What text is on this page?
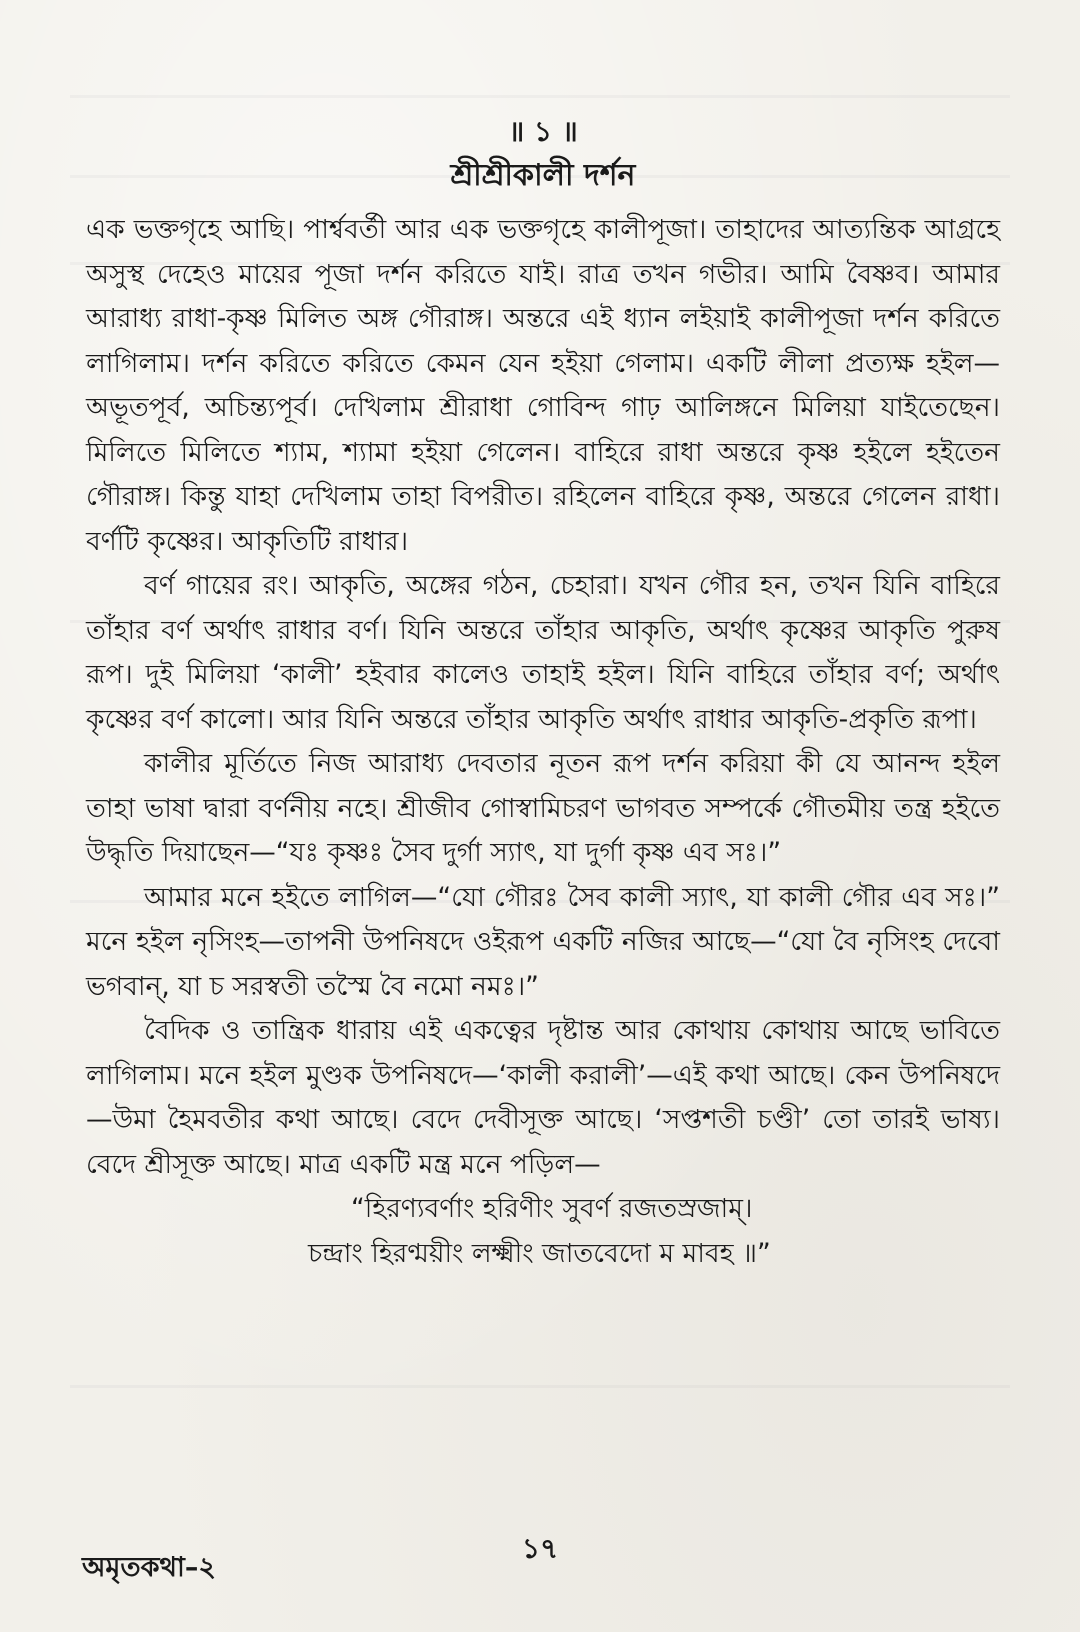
॥ ১ ॥
শ্রীশ্রীকালী দর্শন

এক ভক্তগৃহে আছি। পার্শ্ববর্তী আর এক ভক্তগৃহে কালীপূজা। তাহাদের আত্যন্তিক আগ্রহে অসুস্থ দেহেও মায়ের পূজা দর্শন করিতে যাই। রাত্র তখন গভীর। আমি বৈষ্ণব। আমার আরাধ্য রাধা-কৃষ্ণ মিলিত অঙ্গ গৌরাঙ্গ। অন্তরে এই ধ্যান লইয়াই কালীপূজা দর্শন করিতে লাগিলাম। দর্শন করিতে করিতে কেমন যেন হইয়া গেলাম। একটি লীলা প্রত্যক্ষ হইল—অভূতপূর্ব, অচিন্ত্যপূর্ব। দেখিলাম শ্রীরাধা গোবিন্দ গাঢ় আলিঙ্গনে মিলিয়া যাইতেছেন। মিলিতে মিলিতে শ্যাম, শ্যামা হইয়া গেলেন। বাহিরে রাধা অন্তরে কৃষ্ণ হইলে হইতেন গৌরাঙ্গ। কিন্তু যাহা দেখিলাম তাহা বিপরীত। রহিলেন বাহিরে কৃষ্ণ, অন্তরে গেলেন রাধা। বর্ণটি কৃষ্ণের। আকৃতিটি রাধার।

বর্ণ গায়ের রং। আকৃতি, অঙ্গের গঠন, চেহারা। যখন গৌর হন, তখন যিনি বাহিরে তাঁহার বর্ণ অর্থাৎ রাধার বর্ণ। যিনি অন্তরে তাঁহার আকৃতি, অর্থাৎ কৃষ্ণের আকৃতি পুরুষ রূপ। দুই মিলিয়া ‘কালী’ হইবার কালেও তাহাই হইল। যিনি বাহিরে তাঁহার বর্ণ; অর্থাৎ কৃষ্ণের বর্ণ কালো। আর যিনি অন্তরে তাঁহার আকৃতি অর্থাৎ রাধার আকৃতি-প্রকৃতি রূপা।

কালীর মূর্তিতে নিজ আরাধ্য দেবতার নূতন রূপ দর্শন করিয়া কী যে আনন্দ হইল তাহা ভাষা দ্বারা বর্ণনীয় নহে। শ্রীজীব গোস্বামিচরণ ভাগবত সম্পর্কে গৌতমীয় তন্ত্র হইতে উদ্ধৃতি দিয়াছেন—“যঃ কৃষ্ণঃ সৈব দুর্গা স্যাৎ, যা দুর্গা কৃষ্ণ এব সঃ।”

আমার মনে হইতে লাগিল—“যো গৌরঃ সৈব কালী স্যাৎ, যা কালী গৌর এব সঃ।” মনে হইল নৃসিংহ—তাপনী উপনিষদে ওইরূপ একটি নজির আছে—“যো বৈ নৃসিংহ দেবো ভগবান্, যা চ সরস্বতী তস্মৈ বৈ নমো নমঃ।”

বৈদিক ও তান্ত্রিক ধারায় এই একত্বের দৃষ্টান্ত আর কোথায় কোথায় আছে ভাবিতে লাগিলাম। মনে হইল মুণ্ডক উপনিষদে—‘কালী করালী’—এই কথা আছে। কেন উপনিষদে—উমা হৈমবতীর কথা আছে। বেদে দেবীসূক্ত আছে। ‘সপ্তশতী চণ্ডী’ তো তারই ভাষ্য। বেদে শ্রীসূক্ত আছে। মাত্র একটি মন্ত্র মনে পড়িল—

“হিরণ্যবর্ণাং হরিণীং সুবর্ণ রজতস্রজাম্।
চন্দ্রাং হিরণ্ময়ীং লক্ষ্মীং জাতবেদো ম মাবহ ॥”
১৭
অমৃতকথা–২
